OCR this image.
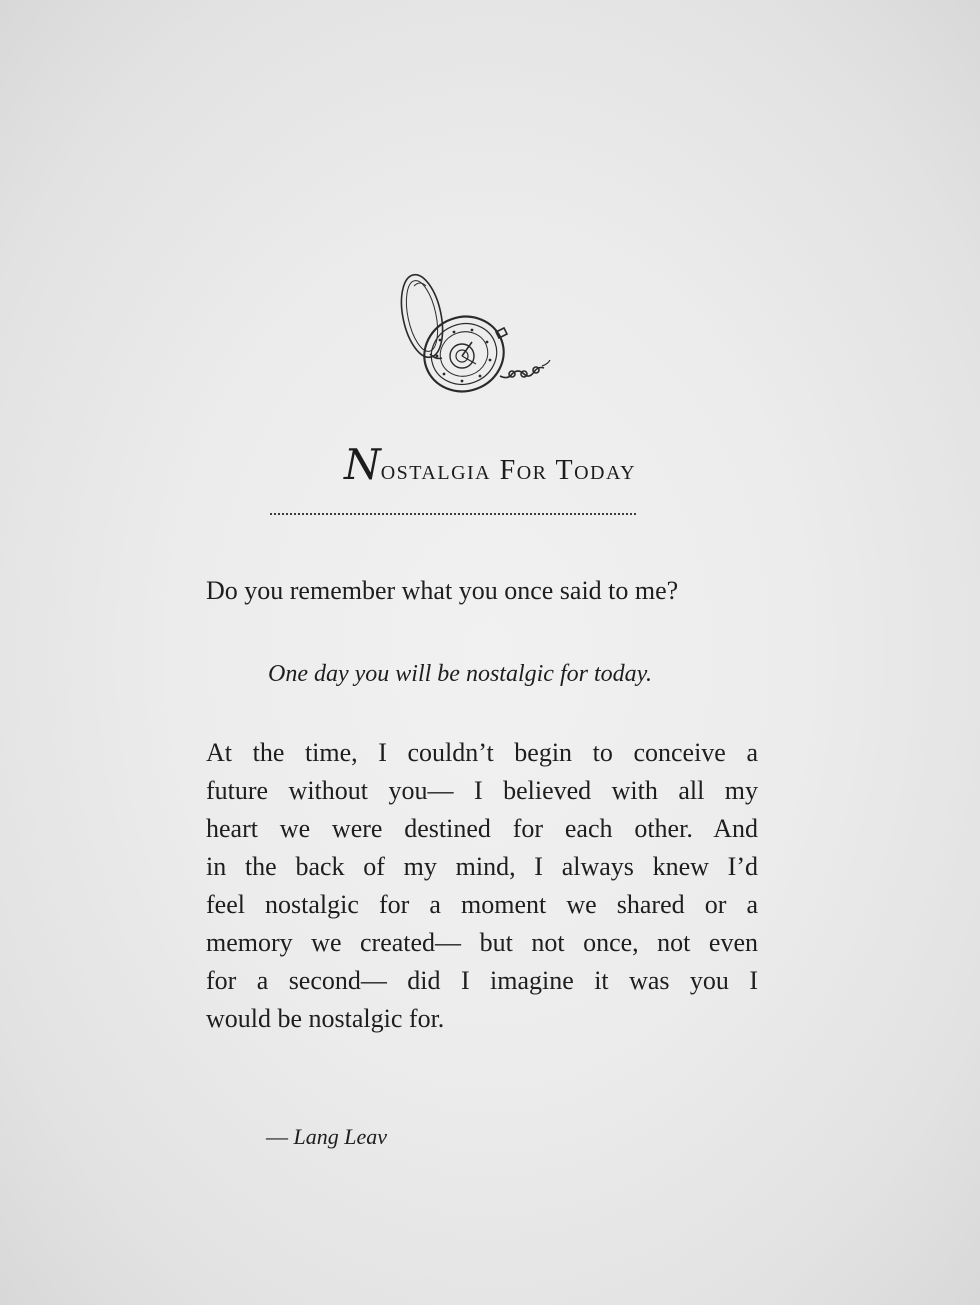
Nostalgia For Today
Do you remember what you once said to me?
One day you will be nostalgic for today.
At the time, I couldn’t begin to conceive a
future without you— I believed with all my
heart we were destined for each other. And
in the back of my mind, I always knew I’d
feel nostalgic for a moment we shared or a
memory we created— but not once, not even
for a second— did I imagine it was you I
would be nostalgic for.
— Lang Leav
